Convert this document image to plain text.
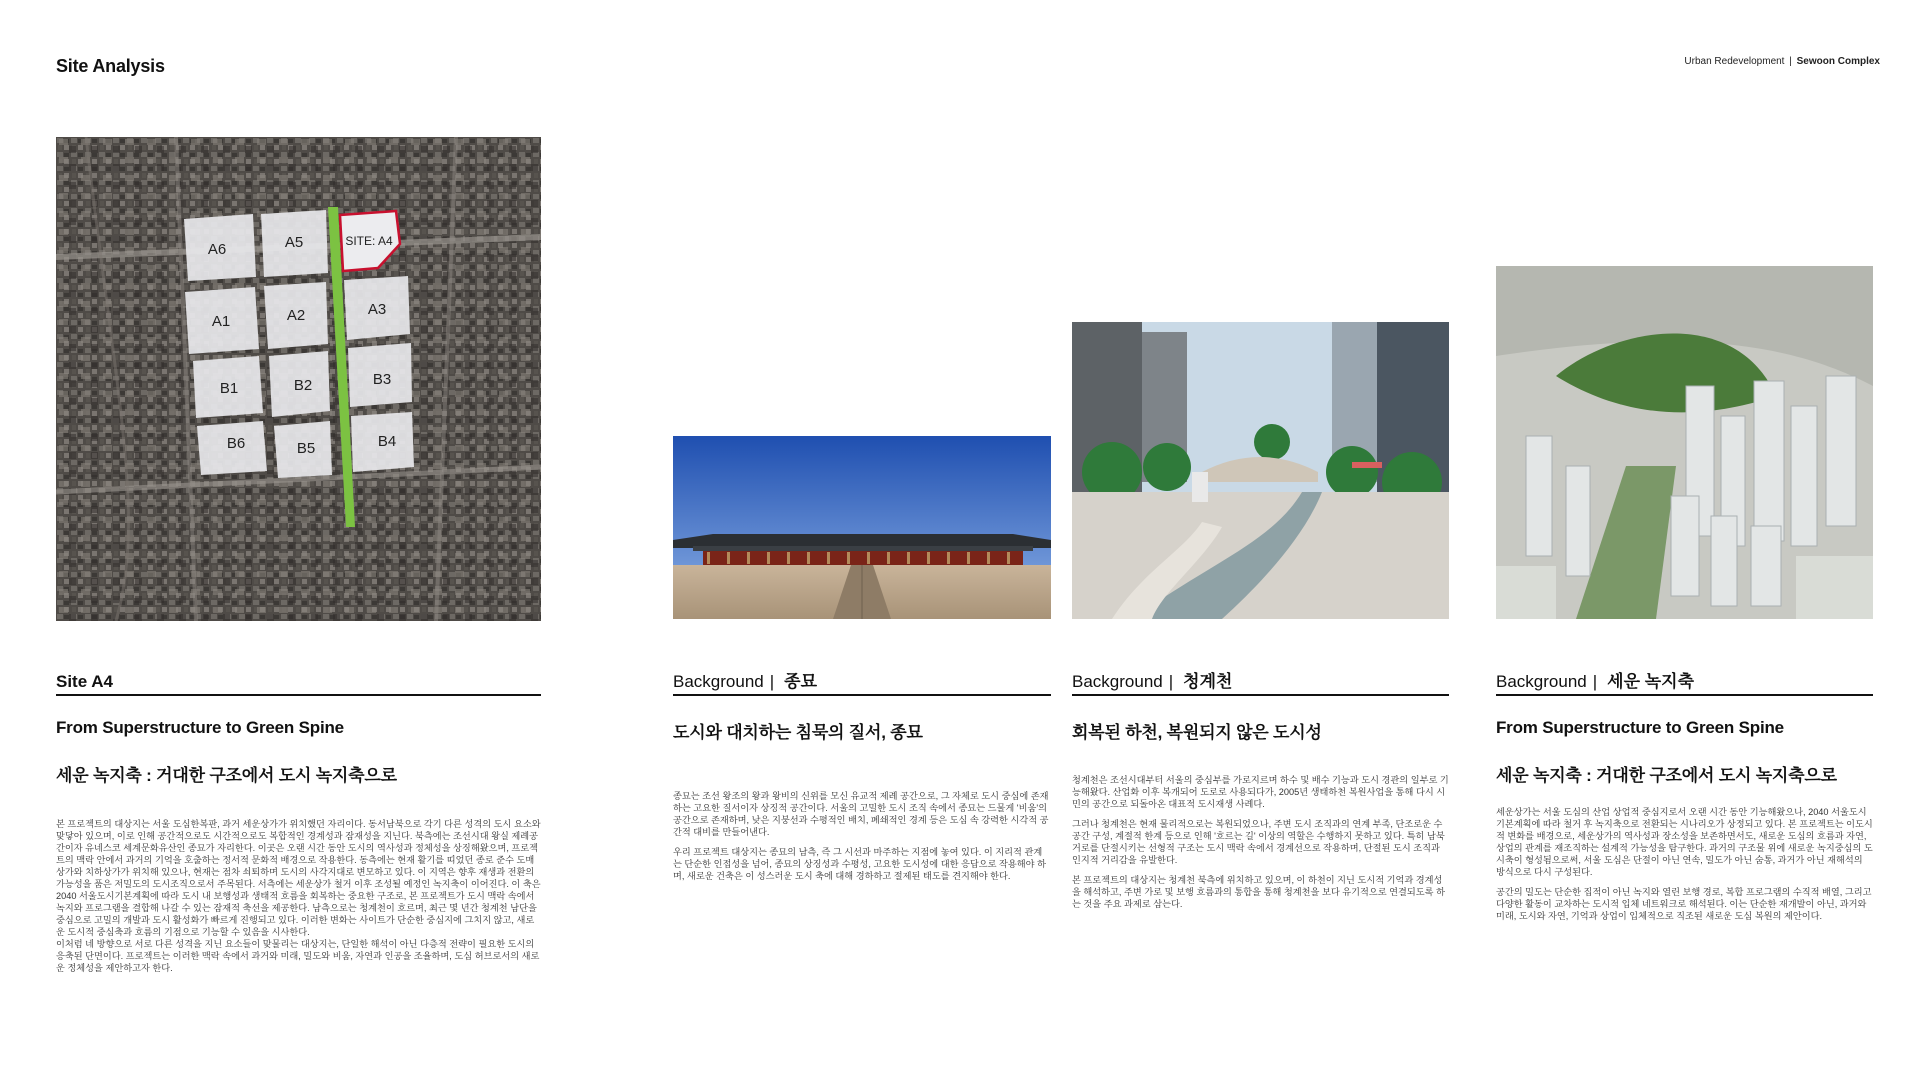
Site Analysis	Urban Redevelopment | Sewoon Complex
A6	A5
A1	A2	A3
B1	B2	B3
B6	B5	B4
SITE: A4
Site A4
From Superstructure to Green Spine
세운 녹지축 : 거대한 구조에서 도시 녹지축으로

본 프로젝트의 대상지는 서울 도심한복판, 과거 세운상가가 위치했던 자리이다. 동서남북으로 각기 다른 성격의 도시 요소와 맞닿아 있으며, 이로 인해 공간적으로도 시간적으로도 복합적인 경계성과 잠재성을 지닌다. 북측에는 조선시대 왕실 제례공간이자 유네스코 세계문화유산인 종묘가 자리한다. 이곳은 오랜 시간 동안 도시의 역사성과 정체성을 상징해왔으며, 프로젝트의 맥락 안에서 과거의 기억을 호출하는 정서적 문화적 배경으로 작용한다. 동측에는 현재 활기를 띠었던 종로 준수 도매상가와 치하상가가 위치해 있으나, 현재는 점차 쇠퇴하며 도시의 사각지대로 변모하고 있다. 이 지역은 향후 재생과 전환의 가능성을 품은 저밀도의 도시조직으로서 주목된다. 서측에는 세운상가 철거 이후 조성될 예정인 녹지축이 이어진다. 이 축은 2040 서울도시기본계획에 따라 도시 내 보행성과 생태적 흐름을 회복하는 중요한 구조로, 본 프로젝트가 도시 맥락 속에서 녹지와 프로그램을 결합해 나갈 수 있는 잠재적 축선을 제공한다. 남측으로는 청계천이 흐르며, 최근 몇 년간 청계천 남단을 중심으로 고밀의 개발과 도시 활성화가 빠르게 진행되고 있다. 이러한 변화는 사이트가 단순한 중심지에 그치지 않고, 새로운 도시적 중심축과 흐름의 기점으로 기능할 수 있음을 시사한다.

이처럼 네 방향으로 서로 다른 성격을 지닌 요소들이 맞물리는 대상지는, 단일한 해석이 아닌 다층적 전략이 필요한 도시의 응축된 단면이다. 프로젝트는 이러한 맥락 속에서 과거와 미래, 밀도와 비움, 자연과 인공을 조율하며, 도심 허브로서의 새로운 정체성을 제안하고자 한다.

Background | 종묘
도시와 대치하는 침묵의 질서, 종묘

종묘는 조선 왕조의 왕과 왕비의 신위를 모신 유교적 제례 공간으로, 그 자체로 도시 중심에 존재하는 고요한 질서이자 상징적 공간이다. 서울의 고밀한 도시 조직 속에서 종묘는 드물게 '비움'의 공간으로 존재하며, 낮은 지붕선과 수평적인 배치, 폐쇄적인 경계 등은 도심 속 강력한 시각적 공간적 대비를 만들어낸다.

우리 프로젝트 대상지는 종묘의 남측, 즉 그 시선과 마주하는 지점에 놓여 있다. 이 지리적 관계는 단순한 인접성을 넘어, 종묘의 상징성과 수평성, 고요한 도시성에 대한 응답으로 작용해야 하며, 새로운 건축은 이 성스러운 도시 축에 대해 경하하고 절제된 태도를 견지해야 한다.

Background | 청계천
회복된 하천, 복원되지 않은 도시성

청계천은 조선시대부터 서울의 중심부를 가로지르며 하수 및 배수 기능과 도시 경관의 일부로 기능해왔다. 산업화 이후 복개되어 도로로 사용되다가, 2005년 생태하천 복원사업을 통해 다시 시민의 공간으로 되돌아온 대표적 도시재생 사례다.

그러나 청계천은 현재 물리적으로는 복원되었으나, 주변 도시 조직과의 연계 부족, 단조로운 수공간 구성, 계절적 한계 등으로 인해 '흐르는 길' 이상의 역할은 수행하지 못하고 있다. 특히 남북 거로를 단절시키는 선형적 구조는 도시 맥락 속에서 경계선으로 작용하며, 단절된 도시 조직과 인지적 거리감을 유발한다.

본 프로젝트의 대상지는 청계천 북측에 위치하고 있으며, 이 하천이 지닌 도시적 기억과 경계성을 해석하고, 주변 가로 및 보행 흐름과의 통합을 통해 청계천을 보다 유기적으로 연결되도록 하는 것을 주요 과제로 삼는다.

Background | 세운 녹지축
From Superstructure to Green Spine
세운 녹지축 : 거대한 구조에서 도시 녹지축으로

세운상가는 서울 도심의 산업 상업적 중심지로서 오랜 시간 동안 기능해왔으나, 2040 서울도시기본계획에 따라 철거 후 녹지축으로 전환되는 시나리오가 상정되고 있다. 본 프로젝트는 이도시적 변화를 배경으로, 세운상가의 역사성과 장소성을 보존하면서도, 새로운 도심의 흐름과 자연, 상업의 관계를 재조직하는 설계적 가능성을 탐구한다. 과거의 구조물 위에 새로운 녹지중심의 도시축이 형성됨으로써, 서울 도심은 단절이 아닌 연속, 밀도가 아닌 숨통, 과거가 아닌 재해석의 방식으로 다시 구성된다.

공간의 밀도는 단순한 집적이 아닌 녹지와 열린 보행 경로, 복합 프로그램의 수직적 배열, 그리고 다양한 활동이 교차하는 도시적 입체 네트워크로 해석된다. 이는 단순한 재개발이 아닌, 과거와 미래, 도시와 자연, 기억과 상업이 입체적으로 직조된 새로운 도심 복원의 제안이다.
